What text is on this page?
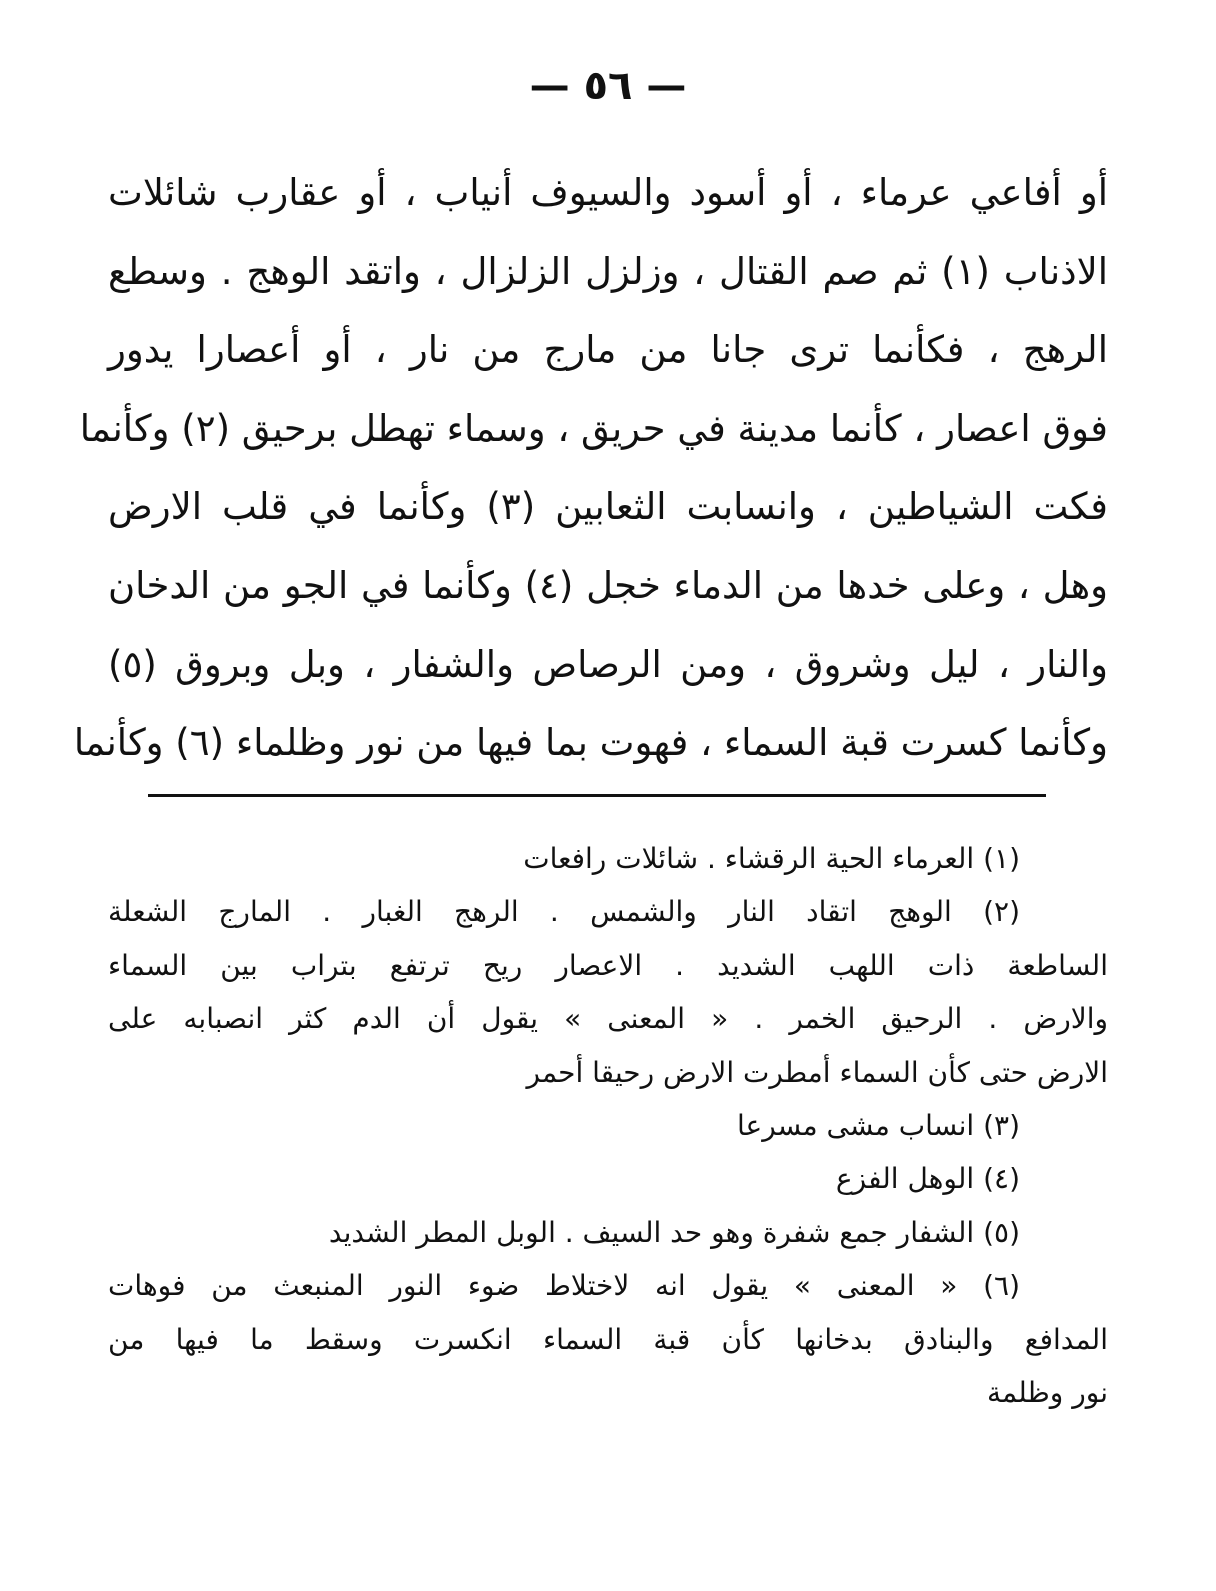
— ٥٦ —
أو أفاعي عرماء ، أو أسود والسيوف أنياب ، أو عقارب شائلات
الاذناب (١) ثم صم القتال ، وزلزل الزلزال ، واتقد الوهج . وسطع
الرهج ، فكأنما ترى جانا من مارج من نار ، أو أعصارا يدور
فوق اعصار ، كأنما مدينة في حريق ، وسماء تهطل برحيق (٢) وكأنما
فكت الشياطين ، وانسابت الثعابين (٣) وكأنما في قلب الارض
وهل ، وعلى خدها من الدماء خجل (٤) وكأنما في الجو من الدخان
والنار ، ليل وشروق ، ومن الرصاص والشفار ، وبل وبروق (٥)
وكأنما كسرت قبة السماء ، فهوت بما فيها من نور وظلماء (٦) وكأنما
(١) العرماء الحية الرقشاء . شائلات رافعات
(٢) الوهج اتقاد النار والشمس . الرهج الغبار . المارج الشعلة
الساطعة ذات اللهب الشديد . الاعصار ريح ترتفع بتراب بين السماء
والارض . الرحيق الخمر . « المعنى » يقول أن الدم كثر انصبابه على
الارض حتى كأن السماء أمطرت الارض رحيقا أحمر
(٣) انساب مشى مسرعا
(٤) الوهل الفزع
(٥) الشفار جمع شفرة وهو حد السيف . الوبل المطر الشديد
(٦) « المعنى » يقول انه لاختلاط ضوء النور المنبعث من فوهات
المدافع والبنادق بدخانها كأن قبة السماء انكسرت وسقط ما فيها من
نور وظلمة
